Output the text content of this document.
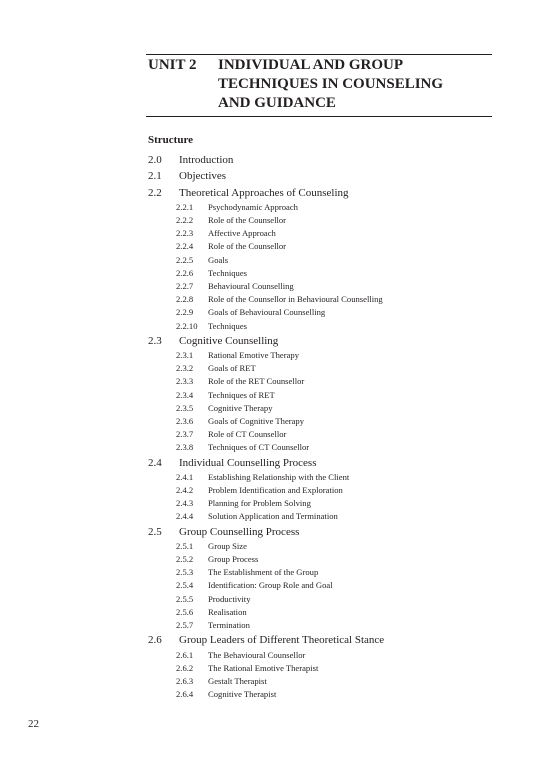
UNIT 2 INDIVIDUAL AND GROUP
TECHNIQUES IN COUNSELING
AND GUIDANCE
Structure
2.0 Introduction
2.1 Objectives
2.2 Theoretical Approaches of Counseling
2.2.1 Psychodynamic Approach
2.2.2 Role of the Counsellor
2.2.3 Affective Approach
2.2.4 Role of the Counsellor
2.2.5 Goals
2.2.6 Techniques
2.2.7 Behavioural Counselling
2.2.8 Role of the Counsellor in Behavioural Counselling
2.2.9 Goals of Behavioural Counselling
2.2.10 Techniques
2.3 Cognitive Counselling
2.3.1 Rational Emotive Therapy
2.3.2 Goals of RET
2.3.3 Role of the RET Counsellor
2.3.4 Techniques of RET
2.3.5 Cognitive Therapy
2.3.6 Goals of Cognitive Therapy
2.3.7 Role of CT Counsellor
2.3.8 Techniques of CT Counsellor
2.4 Individual Counselling Process
2.4.1 Establishing Relationship with the Client
2.4.2 Problem Identification and Exploration
2.4.3 Planning for Problem Solving
2.4.4 Solution Application and Termination
2.5 Group Counselling Process
2.5.1 Group Size
2.5.2 Group Process
2.5.3 The Establishment of the Group
2.5.4 Identification: Group Role and Goal
2.5.5 Productivity
2.5.6 Realisation
2.5.7 Termination
2.6 Group Leaders of Different Theoretical Stance
2.6.1 The Behavioural Counsellor
2.6.2 The Rational Emotive Therapist
2.6.3 Gestalt Therapist
2.6.4 Cognitive Therapist
22
